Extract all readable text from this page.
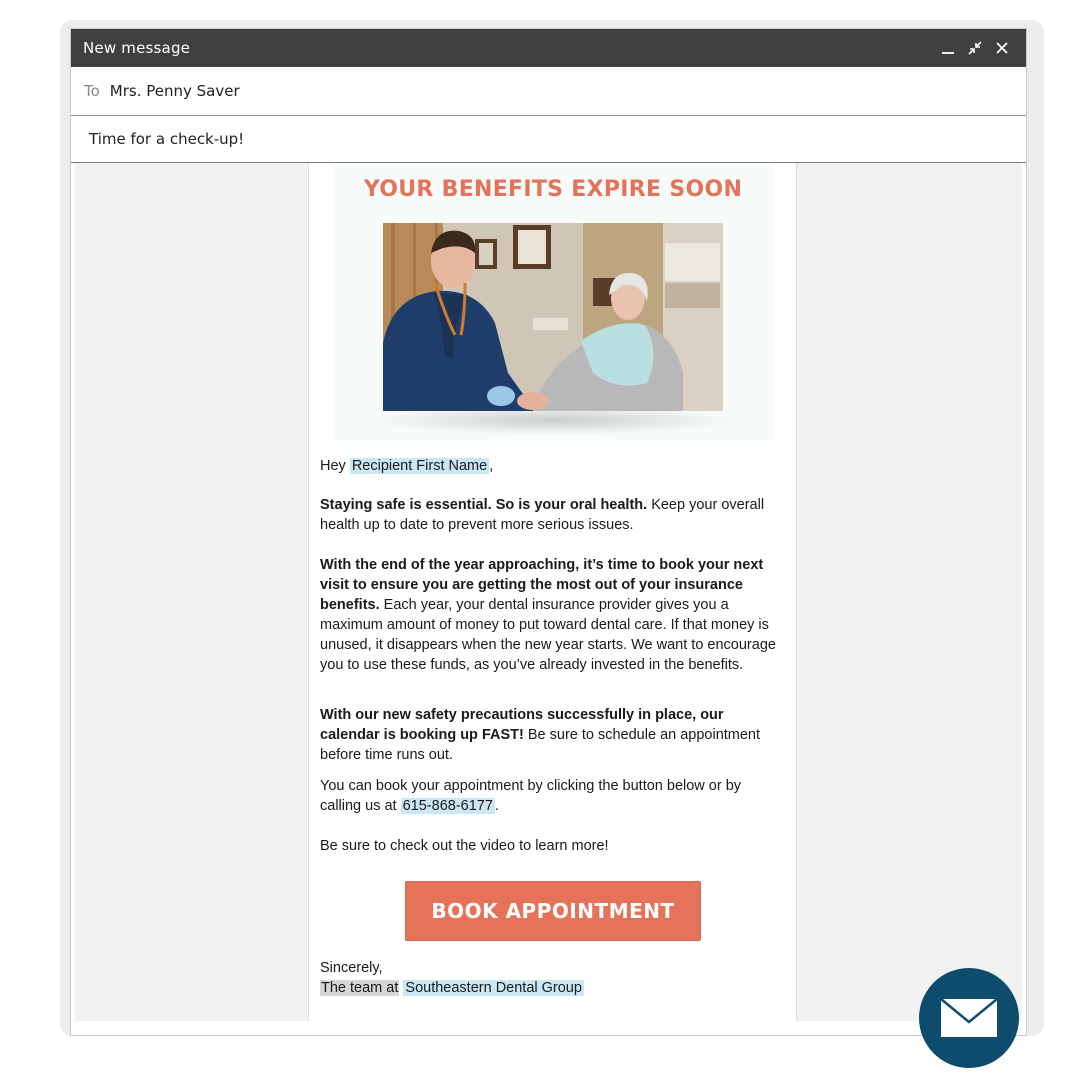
New message
To Mrs. Penny Saver
Time for a check-up!
YOUR BENEFITS EXPIRE SOON
Hey Recipient First Name ,
Staying safe is essential. So is your oral health. Keep your overall health up to date to prevent more serious issues.
With the end of the year approaching, it’s time to book your next visit to ensure you are getting the most out of your insurance benefits. Each year, your dental insurance provider gives you a maximum amount of money to put toward dental care. If that money is unused, it disappears when the new year starts. We want to encourage you to use these funds, as you’ve already invested in the benefits.
With our new safety precautions successfully in place, our calendar is booking up FAST! Be sure to schedule an appointment before time runs out.
You can book your appointment by clicking the button below or by calling us at 615-868-6177 .
Be sure to check out the video to learn more!
BOOK APPOINTMENT
Sincerely,
The team at Southeastern Dental Group
